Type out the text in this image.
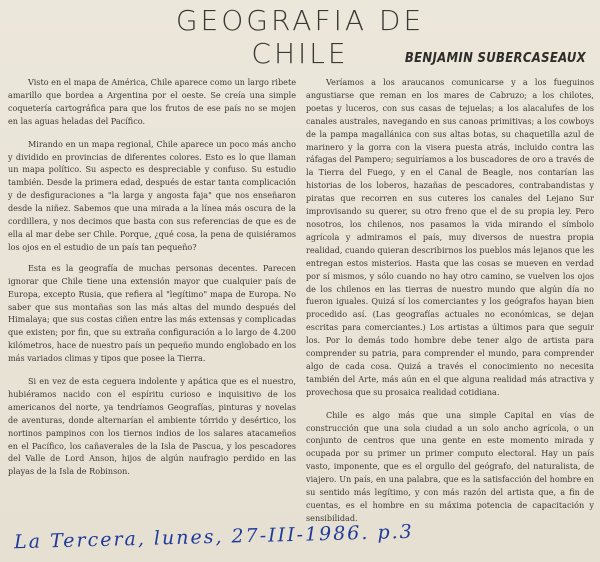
GEOGRAFIA DE CHILE	BENJAMIN SUBERCASEAUX

Visto en el mapa de América, Chile aparece como un largo ribete amarillo que bordea a Argentina por el oeste. Se creía una simple coquetería cartográfica para que los frutos de ese país no se mojen en las aguas heladas del Pacífico.

Mirando en un mapa regional, Chile aparece un poco más ancho y dividido en provincias de diferentes colores. Esto es lo que llaman un mapa político. Su aspecto es despreciable y confuso. Su estudio también. Desde la primera edad, después de estar tanta complicación y de desfiguraciones a "la larga y angosta faja" que nos enseñaron desde la niñez. Sabemos que una mirada a la línea más oscura de la cordillera, y nos decimos que basta con sus referencias de que es de ella al mar debe ser Chile. Porque, ¿qué cosa, la pena de quisiéramos los ojos en el estudio de un país tan pequeño?

Esta es la geografía de muchas personas decentes. Parecen ignorar que Chile tiene una extensión mayor que cualquier país de Europa, excepto Rusia, que refiera al "legítimo" mapa de Europa. No saber que sus montañas son las más altas del mundo después del Himalaya; que sus costas ciñen entre las más extensas y complicadas que existen; por fin, que su extraña configuración a lo largo de 4.200 kilómetros, hace de nuestro país un pequeño mundo englobado en los más variados climas y tipos que posee la Tierra.

Si en vez de esta ceguera indolente y apática que es el nuestro, hubiéramos nacido con el espíritu curioso e inquisitivo de los americanos del norte, ya tendríamos Geografías, pinturas y novelas de aventuras, donde alternarían el ambiente tórrido y desértico, los nortinos pampinos con los tiernos indios de los salares atacameños en el Pacífico, los cañaverales de la Isla de Pascua, y los pescadores del Valle de Lord Anson, hijos de algún naufragio perdido en las playas de la Isla de Robinson.

Veríamos a los araucanos comunicarse y a los fueguinos angustiarse que reman en los mares de Cabruzo; a los chilotes, poetas y luceros, con sus casas de tejuelas; a los alacalufes de los canales australes, navegando en sus canoas primitivas; a los cowboys de la pampa magallánica con sus altas botas, su chaquetilla azul de marinero y la gorra con la visera puesta atrás, incluido contra las ráfagas del Pampero; seguiríamos a los buscadores de oro a través de la Tierra del Fuego, y en el Canal de Beagle, nos contarían las historias de los loberos, hazañas de pescadores, contrabandistas y piratas que recorren en sus cuteres los canales del Lejano Sur improvisando su querer, su otro freno que el de su propia ley. Pero nosotros, los chilenos, nos pasamos la vida mirando el símbolo agrícola y admiramos el país, muy diversos de nuestra propia realidad, cuando quieran describirnos los pueblos más lejanos que les entregan estos misterios. Hasta que las cosas se mueven en verdad por sí mismos, y sólo cuando no hay otro camino, se vuelven los ojos de los chilenos en las tierras de nuestro mundo que algún día no fueron iguales. Quizá sí los comerciantes y los geógrafos hayan bien procedido así. (Las geografías actuales no económicas, se dejan escritas para comerciantes.) Los artistas a últimos para que seguir los. Por lo demás todo hombre debe tener algo de artista para comprender su patria, para comprender el mundo, para comprender algo de cada cosa. Quizá a través el conocimiento no necesita también del Arte, más aún en el que alguna realidad más atractiva y provechosa que su prosaica realidad cotidiana.

Chile es algo más que una simple Capital en vías de construcción que una sola ciudad a un solo ancho agrícola, o un conjunto de centros que una gente en este momento mirada y ocupada por su primer un primer computo electoral. Hay un país vasto, imponente, que es el orgullo del geógrafo, del naturalista, de viajero. Un país, en una palabra, que es la satisfacción del hombre en su sentido más legítimo, y con más razón del artista que, a fin de cuentas, es el hombre en su máxima potencia de capacitación y sensibilidad.

La Tercera, lunes, 27-III-1986. p.3
